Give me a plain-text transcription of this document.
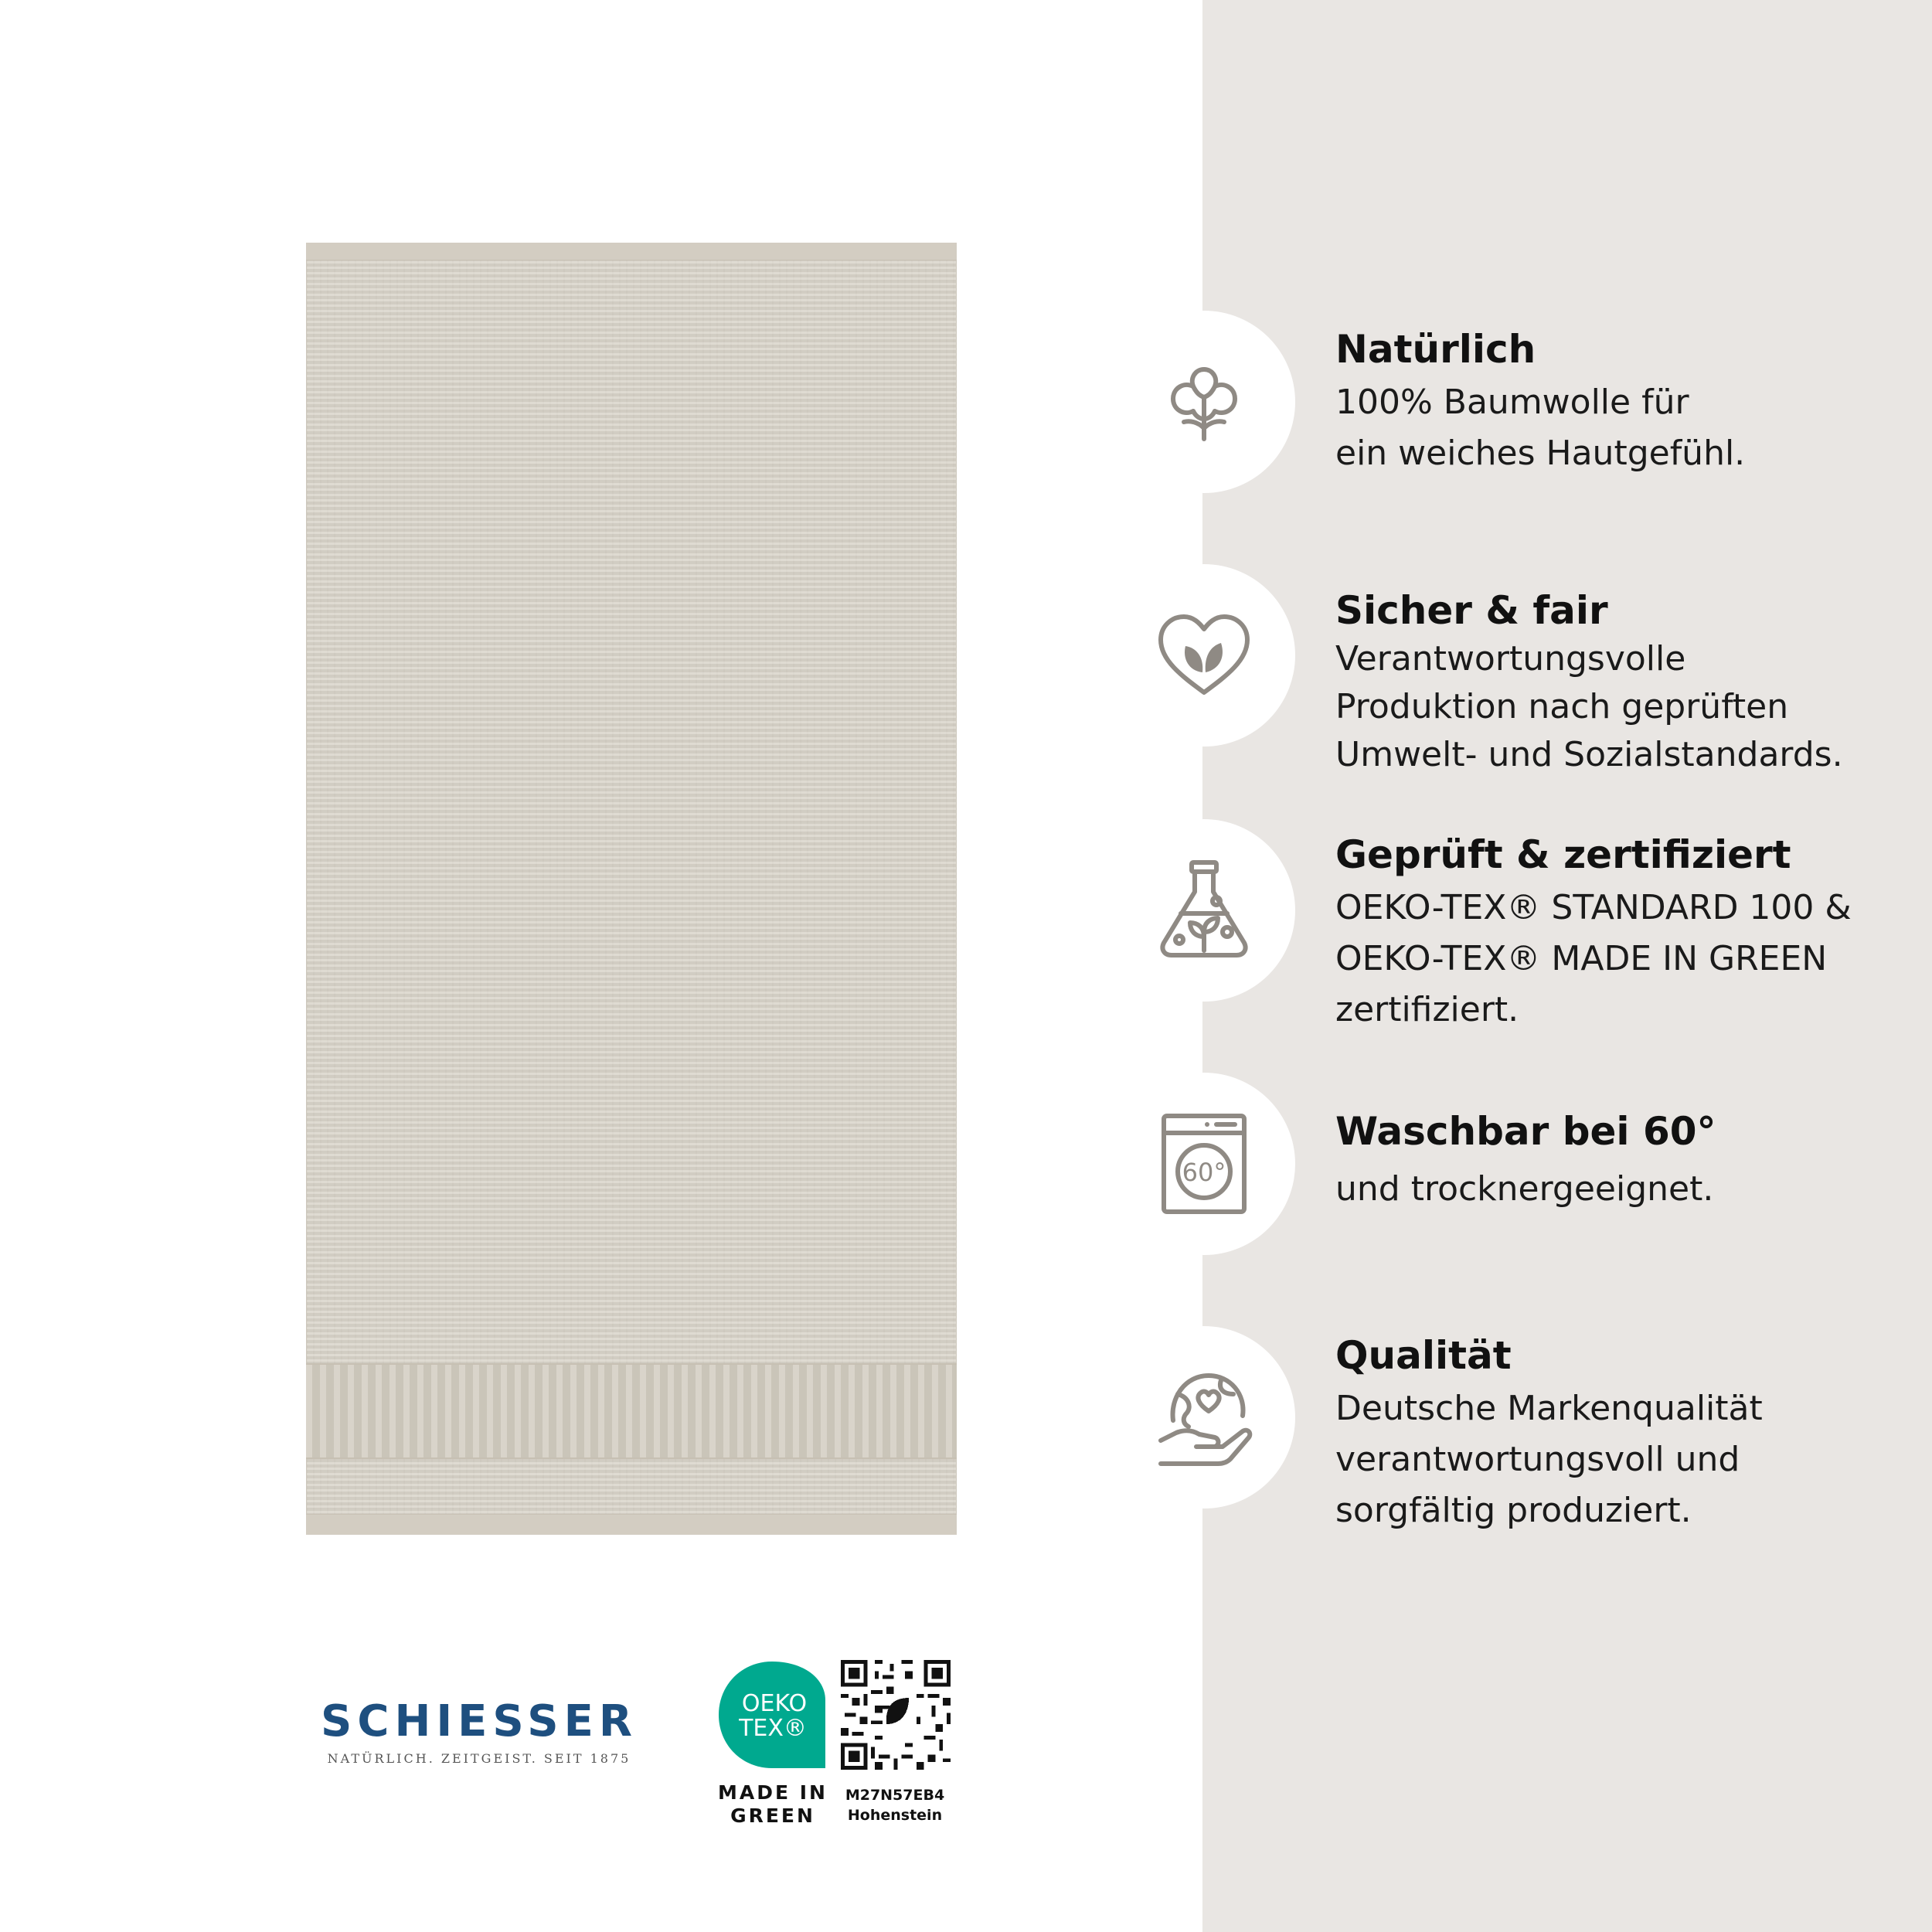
Natürlich

100% Baumwolle für

ein weiches Hautgefühl.

Sicher & fair

Verantwortungsvolle

Produktion nach geprüften

Umwelt- und Sozialstandards.

Geprüft & zertifiziert

OEKO-TEX® STANDARD 100 &

OEKO-TEX® MADE IN GREEN

zertifiziert.

60°

Waschbar bei 60°

und trocknergeeignet.

Qualität

Deutsche Markenqualität

verantwortungsvoll und

sorgfältig produziert.

SCHIESSER
NATÜRLICH. ZEITGEIST. SEIT 1875
OEKO
TEX®
MADE IN
GREEN
M27N57EB4
Hohenstein
